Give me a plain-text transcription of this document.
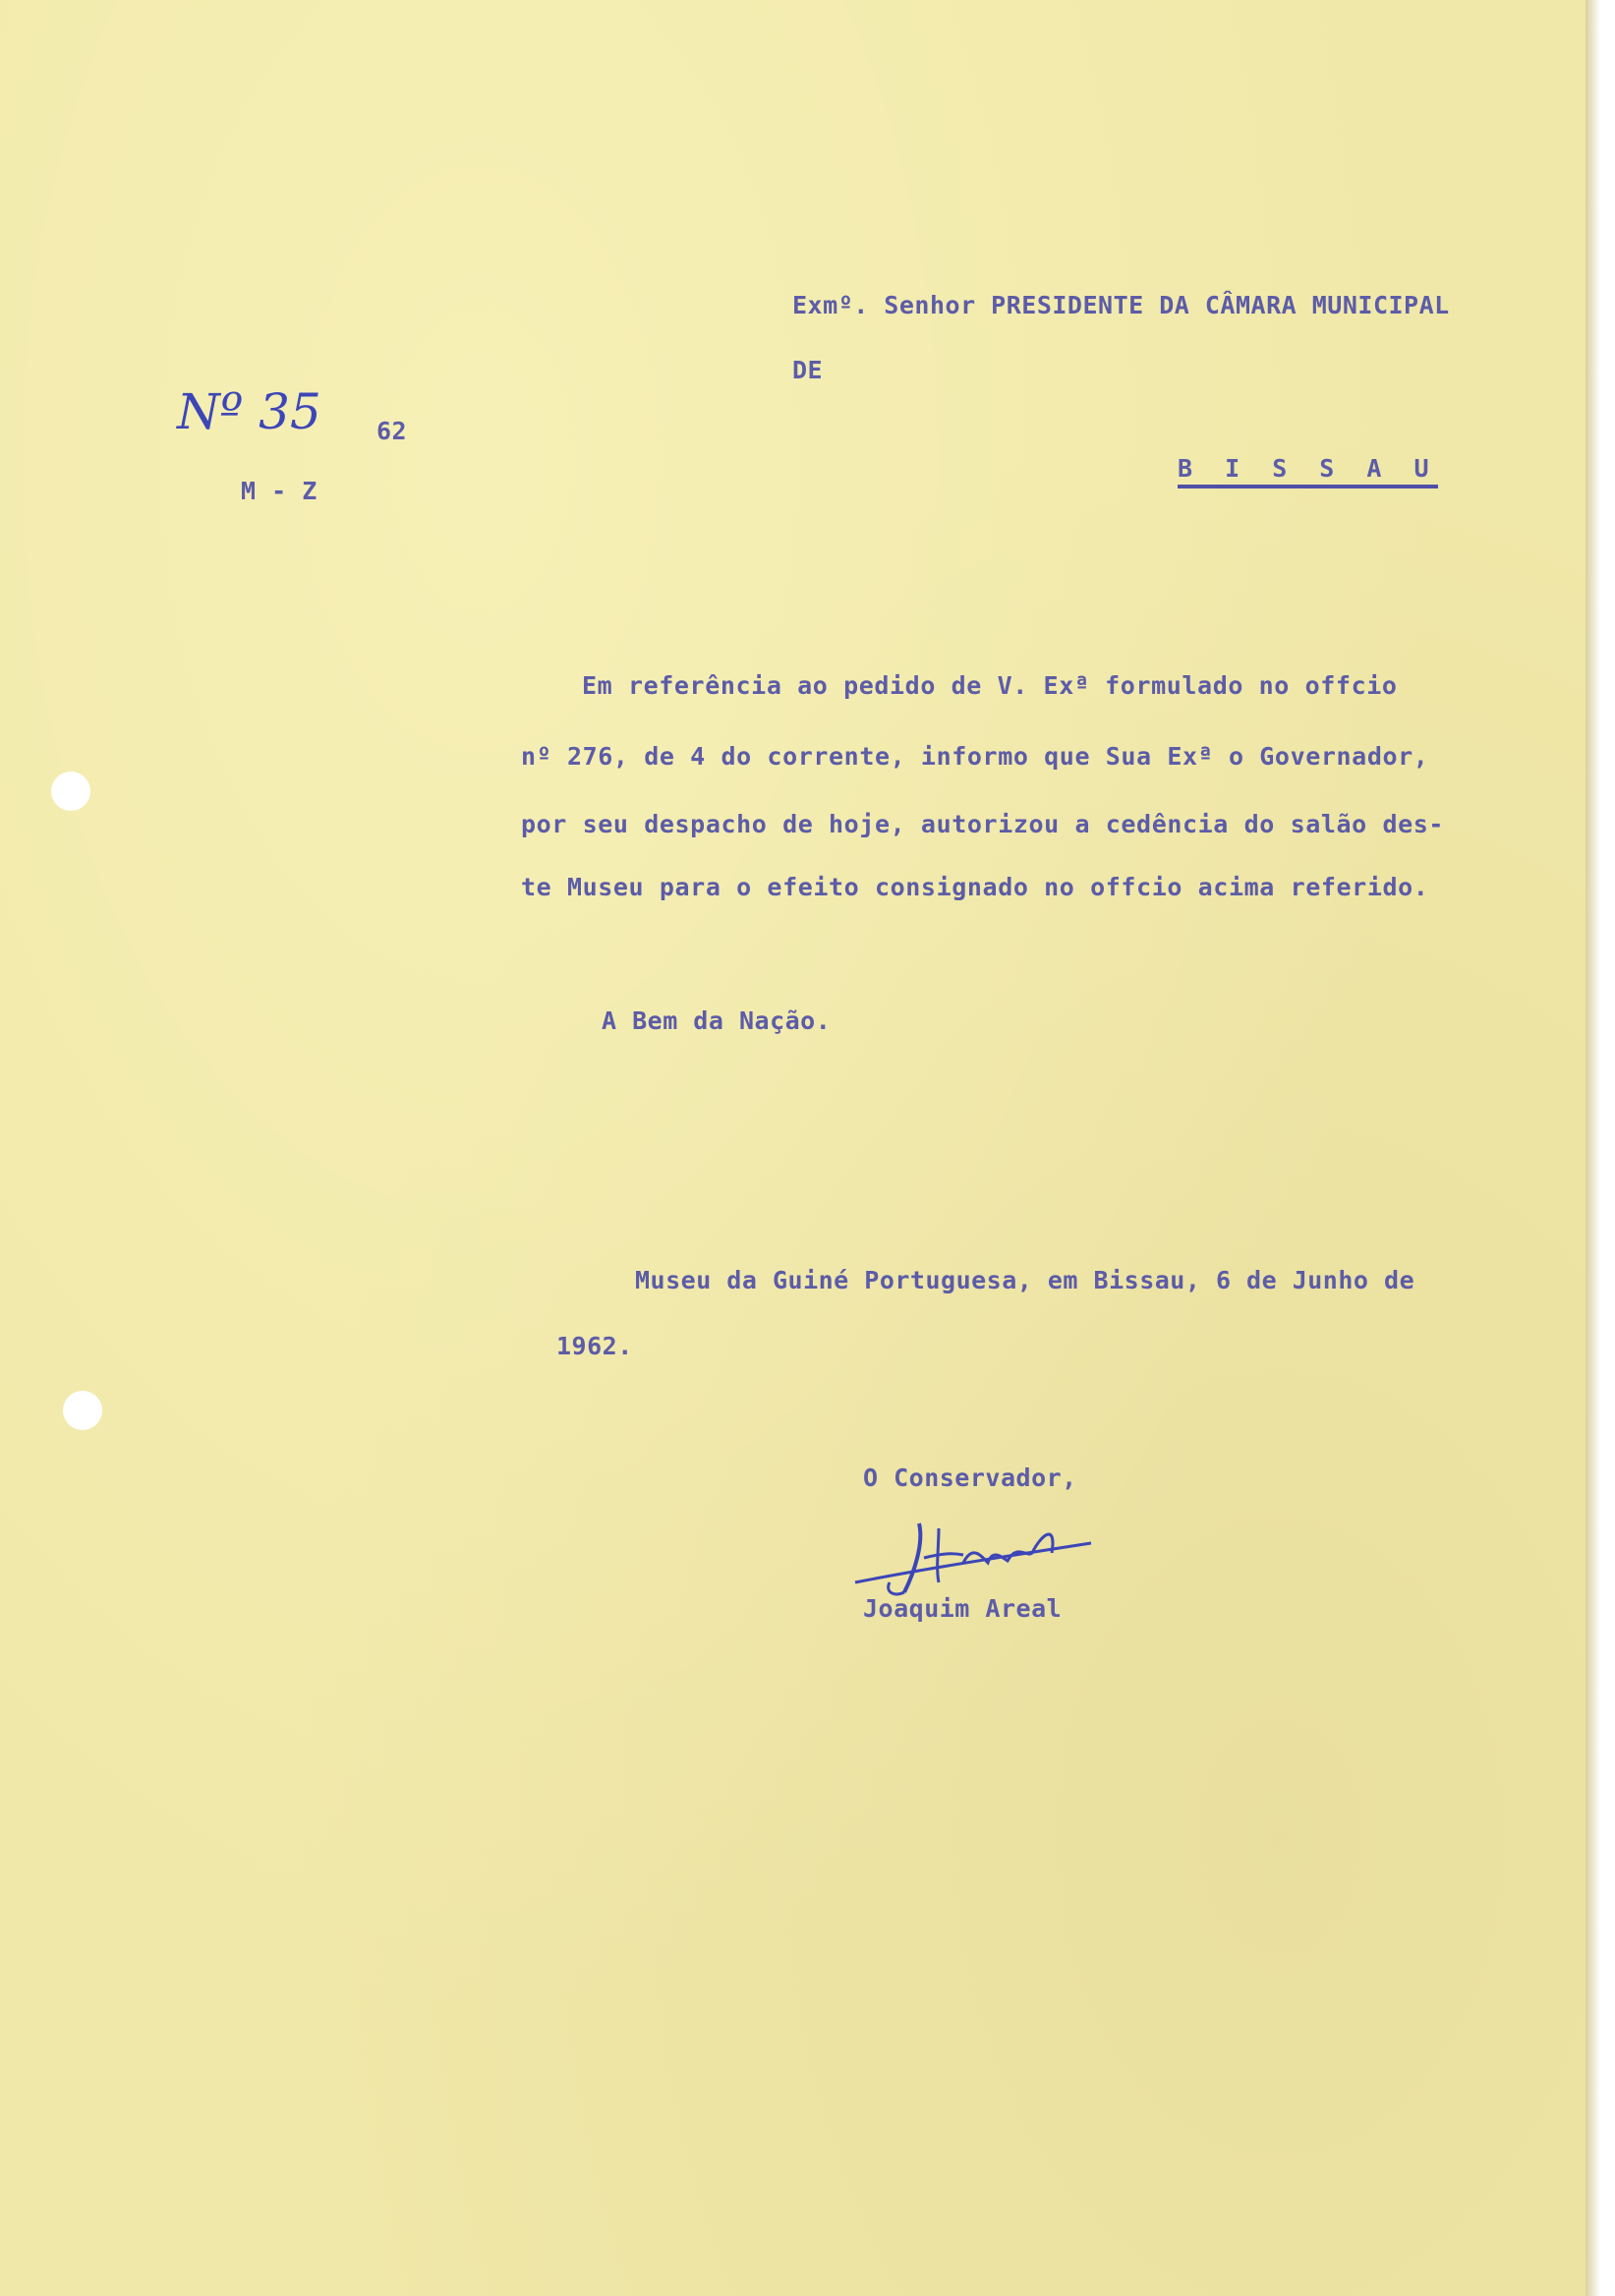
Exmº. Senhor PRESIDENTE DA CÂMARA MUNICIPAL
DE
B I S S A U
Nº 35 62
M - Z
Em referência ao pedido de V. Exª formulado no offcio
nº 276, de 4 do corrente, informo que Sua Exª o Governador,
por seu despacho de hoje, autorizou a cedência do salão des-
te Museu para o efeito consignado no offcio acima referido.
A Bem da Nação.
Museu da Guiné Portuguesa, em Bissau, 6 de Junho de
1962.
O Conservador,
Joaquim Areal
